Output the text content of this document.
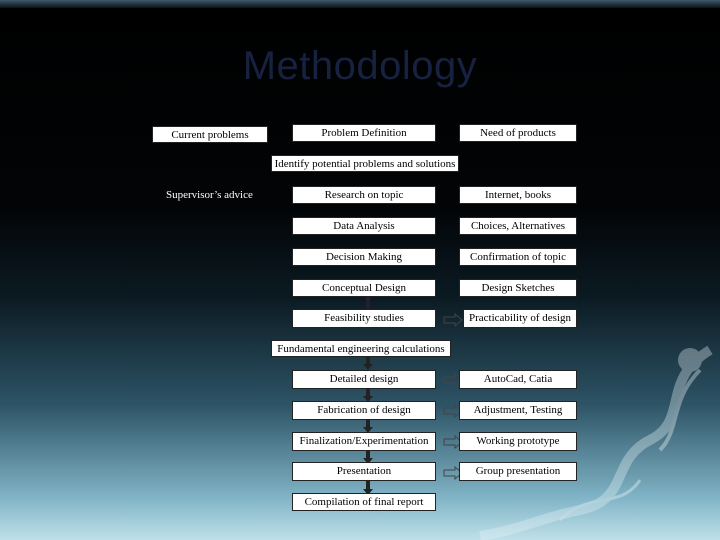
Methodology
Current problems	Problem Definition	Need of products
Identify potential problems and solutions
Supervisor’s advice	Research on topic	Internet, books
Data Analysis	Choices, Alternatives
Decision Making	Confirmation of topic
Conceptual Design	Design Sketches
Feasibility studies	Practicability of design
Fundamental engineering calculations
Detailed design	AutoCad, Catia
Fabrication of design	Adjustment, Testing
Finalization/Experimentation	Working prototype
Presentation	Group presentation
Compilation of final report
